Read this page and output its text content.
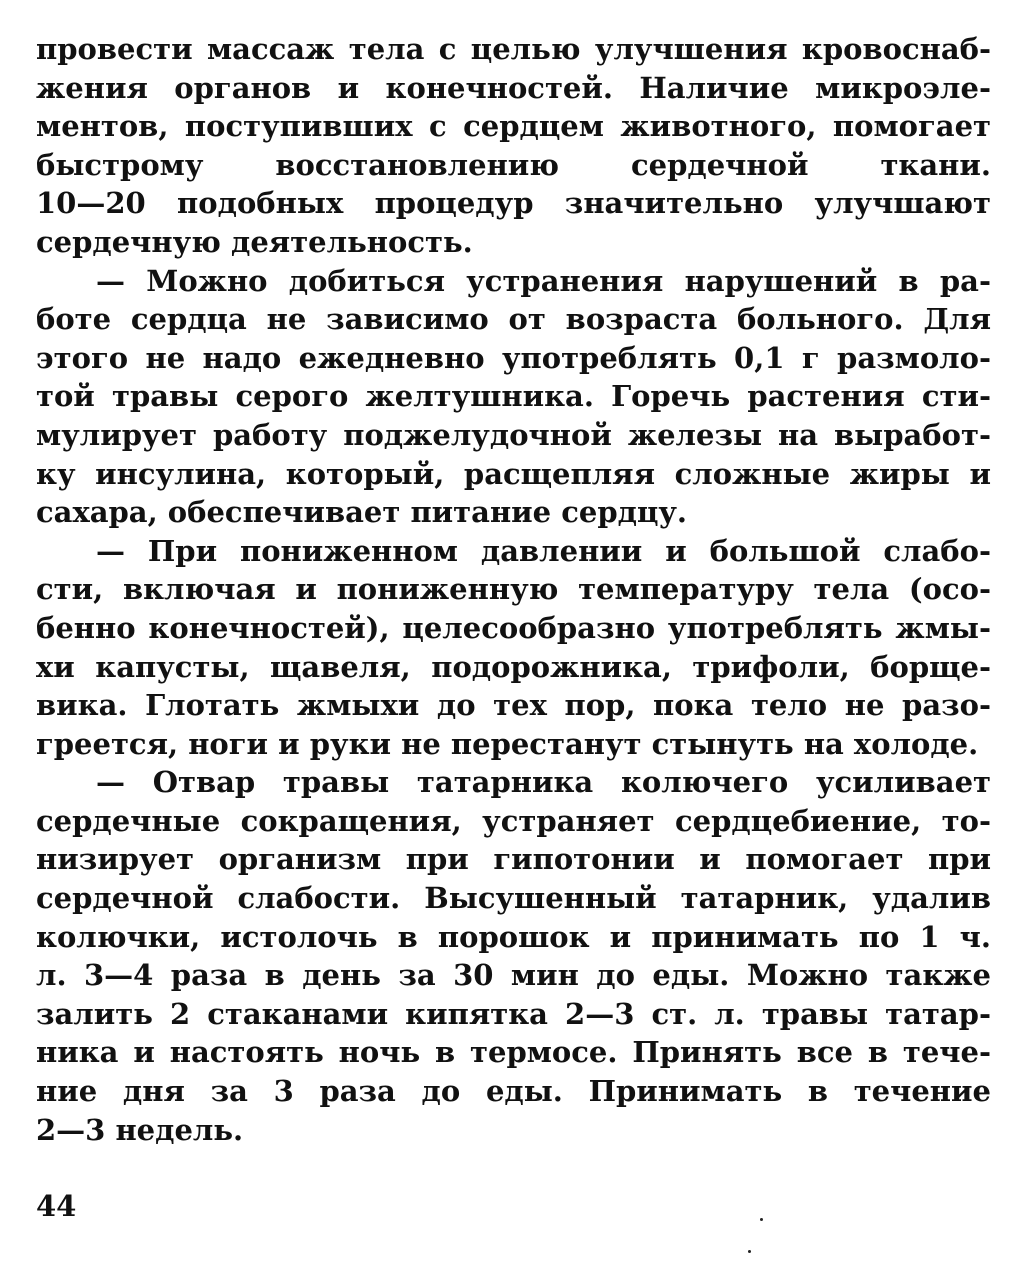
провести массаж тела с целью улучшения кровоснаб-
жения органов и конечностей. Наличие микроэле-
ментов, поступивших с сердцем животного, помогает
быстрому восстановлению сердечной ткани.
10—20 подобных процедур значительно улучшают
сердечную деятельность.
— Можно добиться устранения нарушений в ра-
боте сердца не зависимо от возраста больного. Для
этого не надо ежедневно употреблять 0,1 г размоло-
той травы серого желтушника. Горечь растения сти-
мулирует работу поджелудочной железы на выработ-
ку инсулина, который, расщепляя сложные жиры и
сахара, обеспечивает питание сердцу.
— При пониженном давлении и большой слабо-
сти, включая и пониженную температуру тела (осо-
бенно конечностей), целесообразно употреблять жмы-
хи капусты, щавеля, подорожника, трифоли, борще-
вика. Глотать жмыхи до тех пор, пока тело не разо-
греется, ноги и руки не перестанут стынуть на холоде.
— Отвар травы татарника колючего усиливает
сердечные сокращения, устраняет сердцебиение, то-
низирует организм при гипотонии и помогает при
сердечной слабости. Высушенный татарник, удалив
колючки, истолочь в порошок и принимать по 1 ч.
л. 3—4 раза в день за 30 мин до еды. Можно также
залить 2 стаканами кипятка 2—3 ст. л. травы татар-
ника и настоять ночь в термосе. Принять все в тече-
ние дня за 3 раза до еды. Принимать в течение
2—3 недель.
44
